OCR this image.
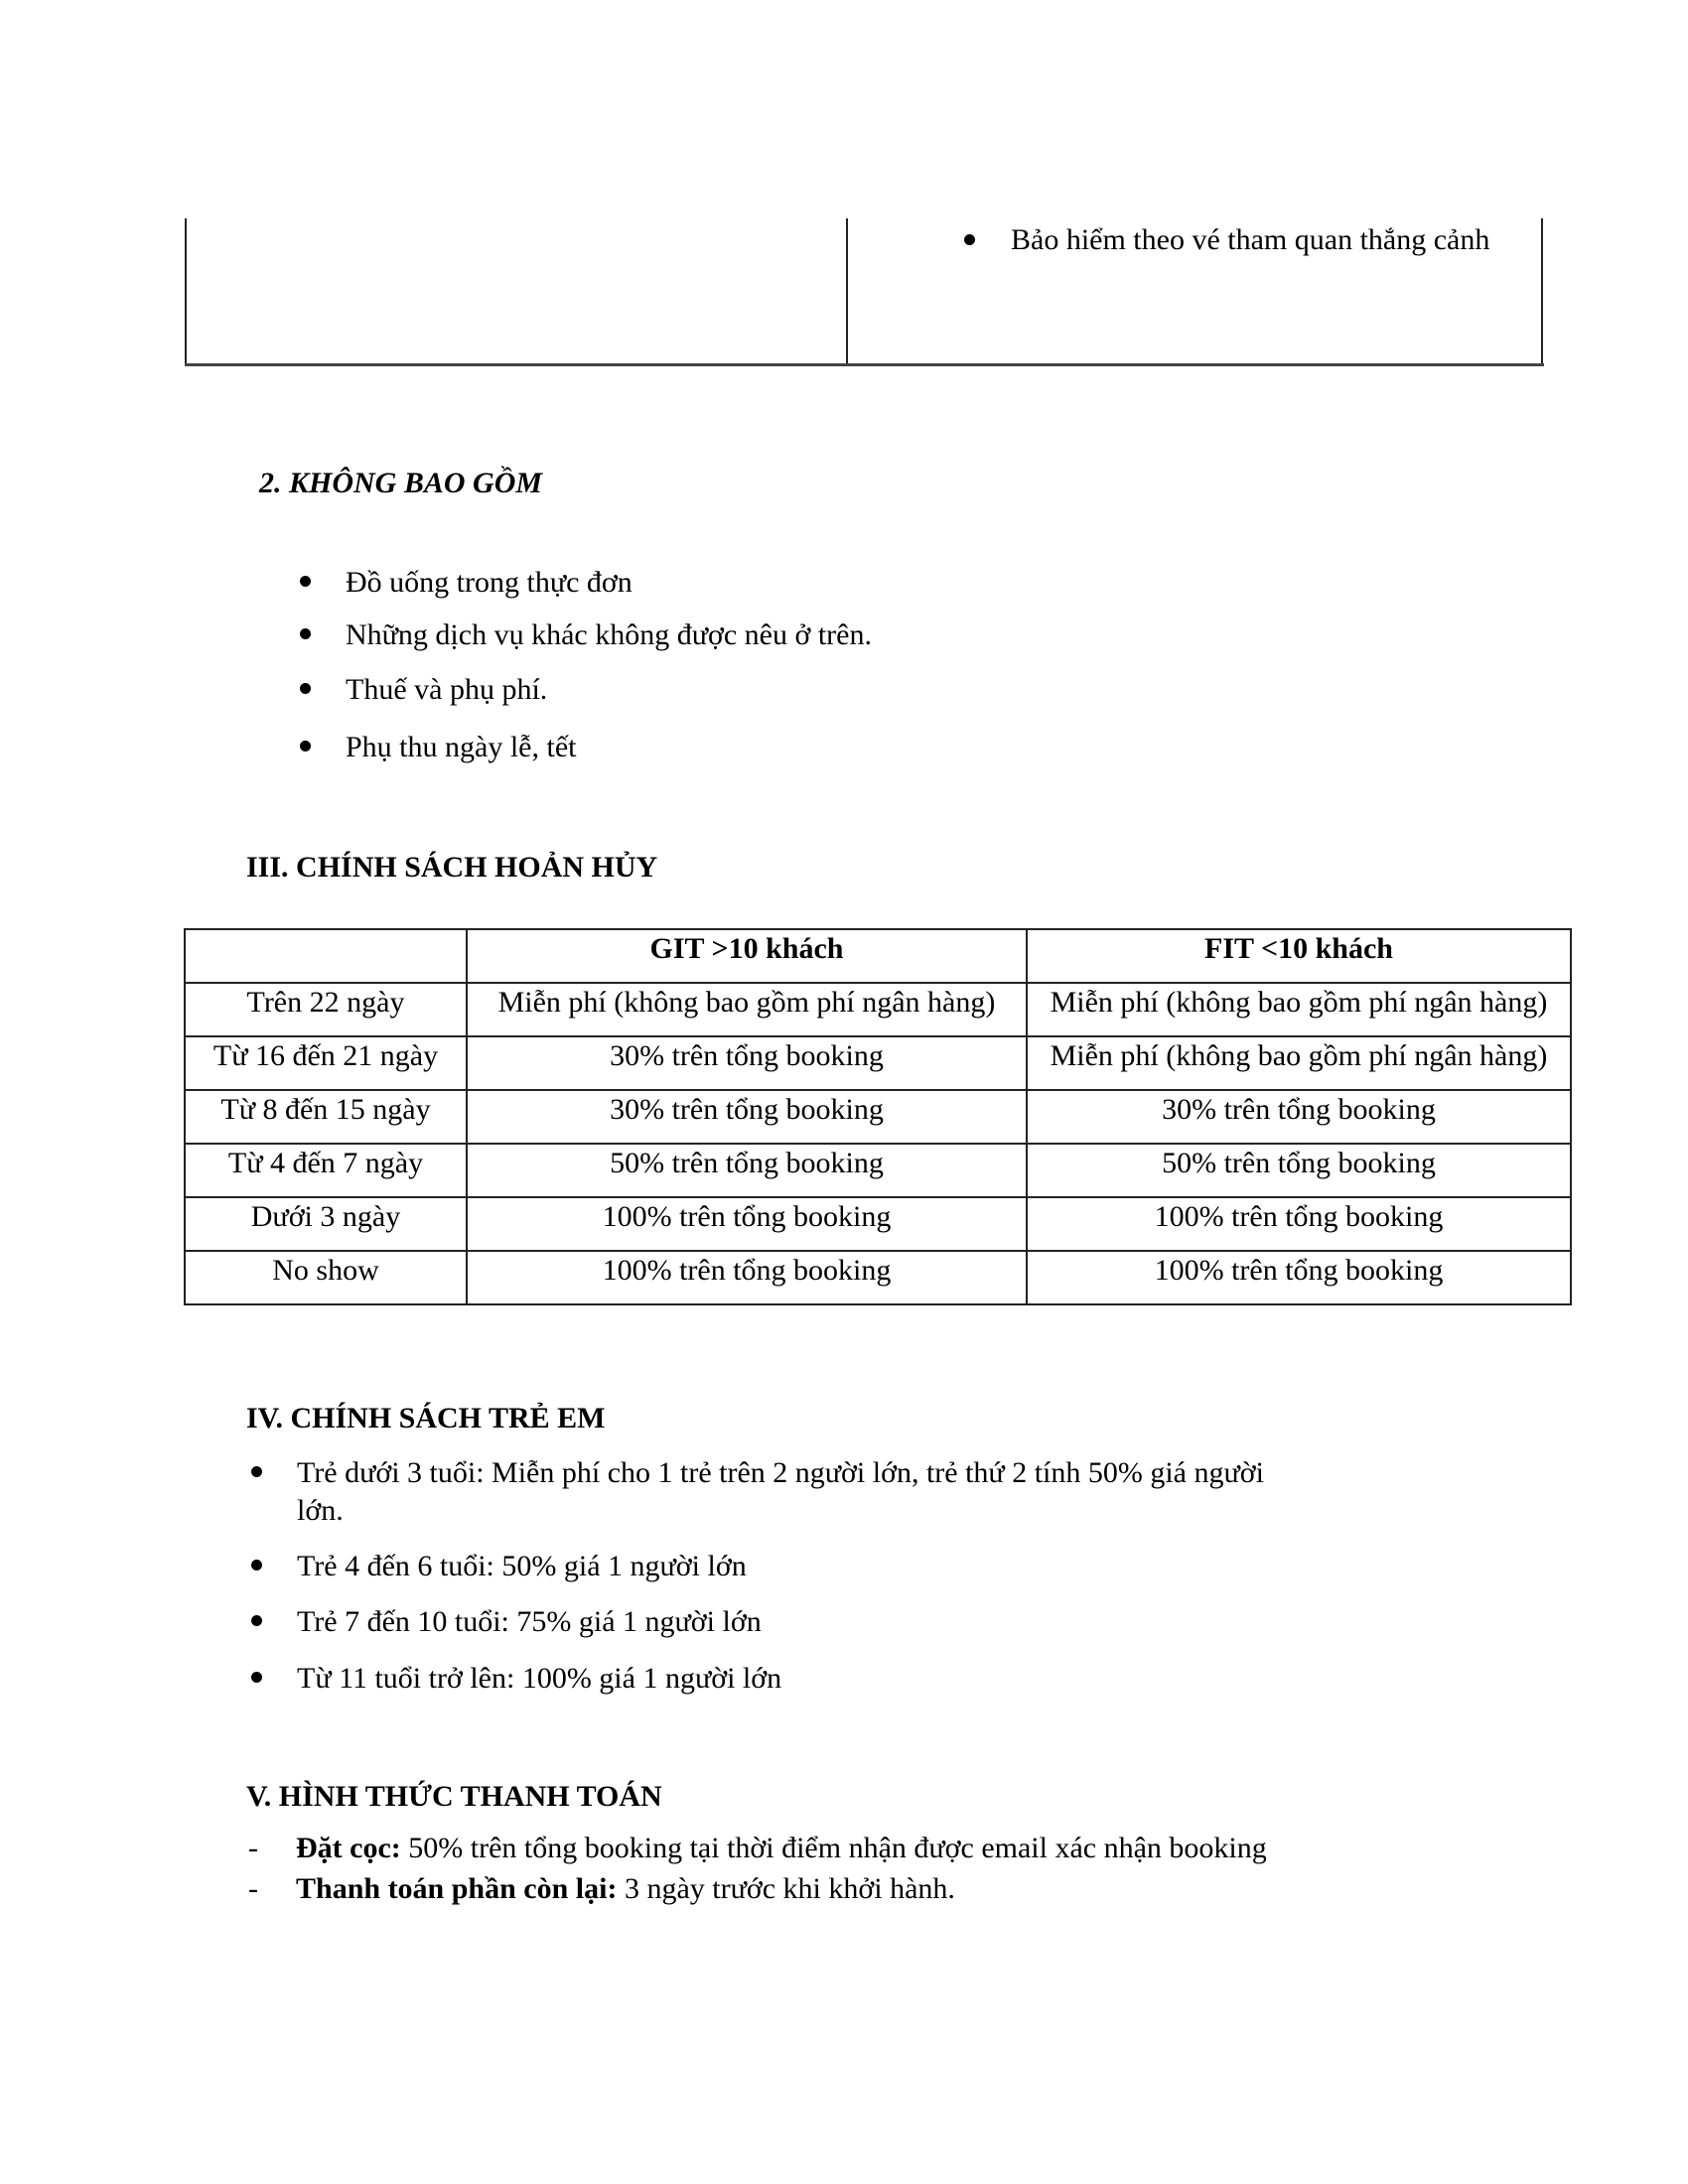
Bảo hiểm theo vé tham quan thắng cảnh
2. KHÔNG BAO GỒM
Đồ uống trong thực đơn
Những dịch vụ khác không được nêu ở trên.
Thuế và phụ phí.
Phụ thu ngày lễ, tết
III. CHÍNH SÁCH HOẢN HỦY
	GIT >10 khách	FIT <10 khách
Trên 22 ngày	Miễn phí (không bao gồm phí ngân hàng)	Miễn phí (không bao gồm phí ngân hàng)
Từ 16 đến 21 ngày	30% trên tổng booking	Miễn phí (không bao gồm phí ngân hàng)
Từ 8 đến 15 ngày	30% trên tổng booking	30% trên tổng booking
Từ 4 đến 7 ngày	50% trên tổng booking	50% trên tổng booking
Dưới 3 ngày	100% trên tổng booking	100% trên tổng booking
No show	100% trên tổng booking	100% trên tổng booking
IV. CHÍNH SÁCH TRẺ EM
Trẻ dưới 3 tuổi: Miễn phí cho 1 trẻ trên 2 người lớn, trẻ thứ 2 tính 50% giá người lớn.
Trẻ 4 đến 6 tuổi: 50% giá 1 người lớn
Trẻ 7 đến 10 tuổi: 75% giá 1 người lớn
Từ 11 tuổi trở lên: 100% giá 1 người lớn
V. HÌNH THỨC THANH TOÁN
- Đặt cọc: 50% trên tổng booking tại thời điểm nhận được email xác nhận booking
- Thanh toán phần còn lại: 3 ngày trước khi khởi hành.
